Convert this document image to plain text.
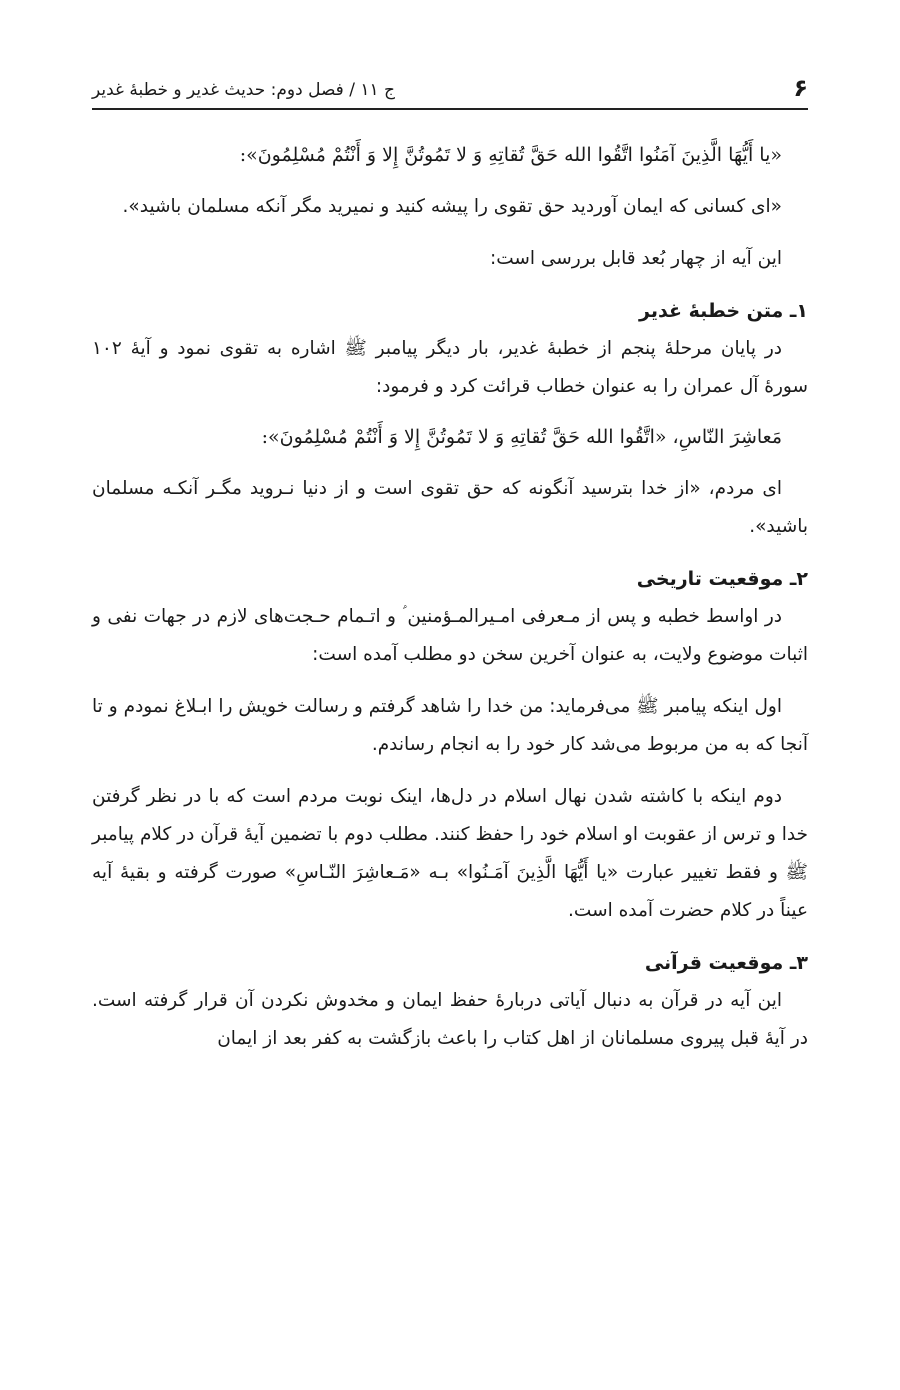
۶
ج ۱۱ / فصل دوم: حدیث غدیر و خطبهٔ غدیر

«یا أَیُّهَا الَّذِینَ آمَنُوا اتَّقُوا الله حَقَّ تُقاتِهِ وَ لا تَمُوتُنَّ إِلا وَ أَنْتُمْ مُسْلِمُونَ»:

«ای کسانی که ایمان آوردید حق تقوی را پیشه کنید و نمیرید مگر آنکه مسلمان باشید».

این آیه از چهار بُعد قابل بررسی است:

۱ـ متن خطبهٔ غدیر

در پایان مرحلهٔ پنجم از خطبهٔ غدیر، بار دیگر پیامبر ﷺ اشاره به تقوی نمود و آیهٔ ۱۰۲ سورهٔ آل عمران را به عنوان خطاب قرائت کرد و فرمود:

مَعاشِرَ النّاسِ، «اتَّقُوا الله حَقَّ تُقاتِهِ وَ لا تَمُوتُنَّ إِلا وَ أَنْتُمْ مُسْلِمُونَ»:

ای مردم، «از خدا بترسید آنگونه که حق تقوی است و از دنیا نـروید مگـر آنکـه مسلمان باشید».

۲ـ موقعیت تاریخی

در اواسط خطبه و پس از مـعرفی امـیرالمـؤمنین ؑ و اتـمام حـجت‌های لازم در جهات نفی و اثبات موضوع ولایت، به عنوان آخرین سخن دو مطلب آمده است:

اول اینکه پیامبر ﷺ می‌فرماید: من خدا را شاهد گرفتم و رسالت خویش را ابـلاغ نمودم و تا آنجا که به من مربوط می‌شد کار خود را به انجام رساندم.

دوم اینکه با کاشته شدن نهال اسلام در دل‌ها، اینک نوبت مردم است که با در نظر گرفتن خدا و ترس از عقوبت او اسلام خود را حفظ کنند. مطلب دوم با تضمین آیهٔ قرآن در کلام پیامبر ﷺ و فقط تغییر عبارت «یا أَیُّهَا الَّذِینَ آمَـنُوا» بـه «مَـعاشِرَ النّـاسِ» صورت گرفته و بقیهٔ آیه عیناً در کلام حضرت آمده است.

۳ـ موقعیت قرآنی

این آیه در قرآن به دنبال آیاتی دربارهٔ حفظ ایمان و مخدوش نکردن آن قرار گرفته است. در آیهٔ قبل پیروی مسلمانان از اهل کتاب را باعث بازگشت به کفر بعد از ایمان
